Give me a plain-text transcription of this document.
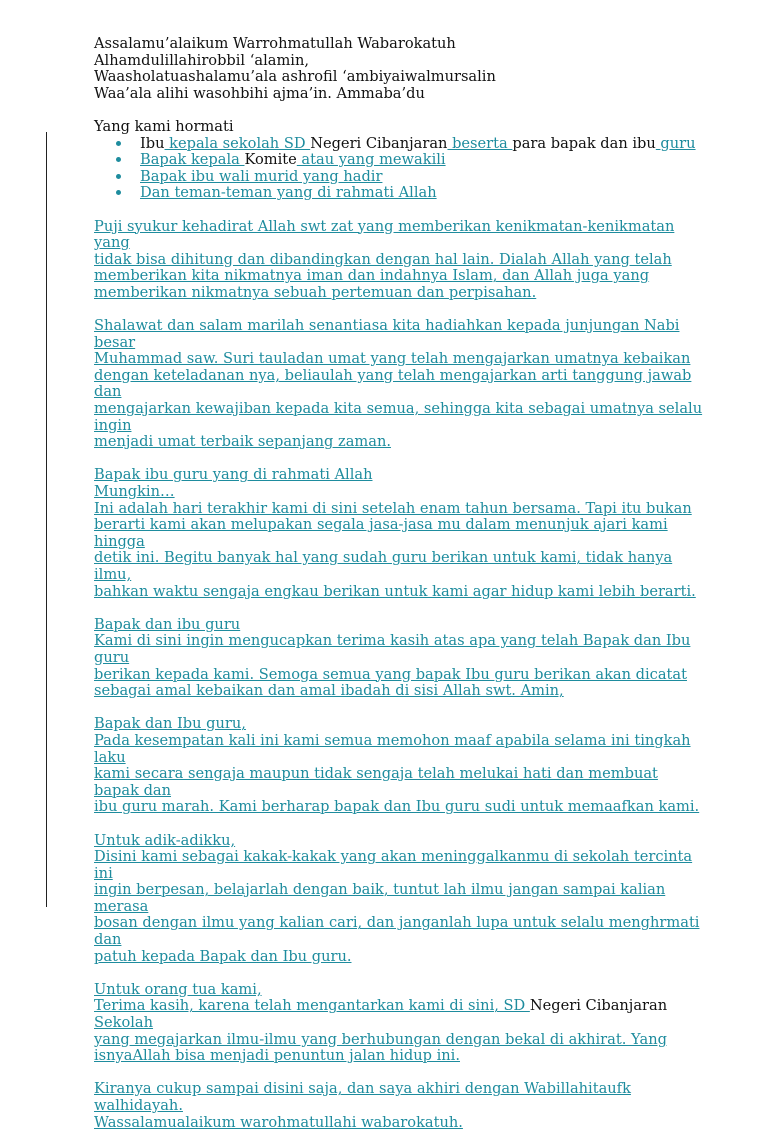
Assalamu’alaikum Warrohmatullah Wabarokatuh

Alhamdulillahirobbil ‘alamin,

Waasholatuashalamu’ala ashrofil ‘ambiyaiwalmursalin

Waa’ala alihi wasohbihi ajma’in. Ammaba’du

Yang kami hormati

Ibu kepala sekolah SD Negeri Cibanjaran beserta para bapak dan ibu guru
Bapak kepala Komite atau yang mewakili
Bapak ibu wali murid yang hadir
Dan teman-teman yang di rahmati Allah

Puji syukur kehadirat Allah swt zat yang memberikan kenikmatan-kenikmatan yang

tidak bisa dihitung dan dibandingkan dengan hal lain. Dialah Allah yang telah

memberikan kita nikmatnya iman dan indahnya Islam, dan Allah juga yang

memberikan nikmatnya sebuah pertemuan dan perpisahan.

Shalawat dan salam marilah senantiasa kita hadiahkan kepada junjungan Nabi besar

Muhammad saw. Suri tauladan umat yang telah mengajarkan umatnya kebaikan

dengan keteladanan nya, beliaulah yang telah mengajarkan arti tanggung jawab dan

mengajarkan kewajiban kepada kita semua, sehingga kita sebagai umatnya selalu ingin

menjadi umat terbaik sepanjang zaman.

Bapak ibu guru yang di rahmati Allah

Mungkin…

Ini adalah hari terakhir kami di sini setelah enam tahun bersama. Tapi itu bukan

berarti kami akan melupakan segala jasa-jasa mu dalam menunjuk ajari kami hingga

detik ini. Begitu banyak hal yang sudah guru berikan untuk kami, tidak hanya ilmu,

bahkan waktu sengaja engkau berikan untuk kami agar hidup kami lebih berarti.

Bapak dan ibu guru

Kami di sini ingin mengucapkan terima kasih atas apa yang telah Bapak dan Ibu guru

berikan kepada kami. Semoga semua yang bapak Ibu guru berikan akan dicatat

sebagai amal kebaikan dan amal ibadah di sisi Allah swt. Amin,

Bapak dan Ibu guru,

Pada kesempatan kali ini kami semua memohon maaf apabila selama ini tingkah laku

kami secara sengaja maupun tidak sengaja telah melukai hati dan membuat bapak dan

ibu guru marah. Kami berharap bapak dan Ibu guru sudi untuk memaafkan kami.

Untuk adik-adikku,

Disini kami sebagai kakak-kakak yang akan meninggalkanmu di sekolah tercinta ini

ingin berpesan, belajarlah dengan baik, tuntut lah ilmu jangan sampai kalian merasa

bosan dengan ilmu yang kalian cari, dan janganlah lupa untuk selalu menghrmati dan

patuh kepada Bapak dan Ibu guru.

Untuk orang tua kami,

Terima kasih, karena telah mengantarkan kami di sini, SD Negeri Cibanjaran Sekolah

yang megajarkan ilmu-ilmu yang berhubungan dengan bekal di akhirat. Yang

isnyaAllah bisa menjadi penuntun jalan hidup ini.

Kiranya cukup sampai disini saja, dan saya akhiri dengan Wabillahitaufk walhidayah.

Wassalamualaikum warohmatullahi wabarokatuh.
